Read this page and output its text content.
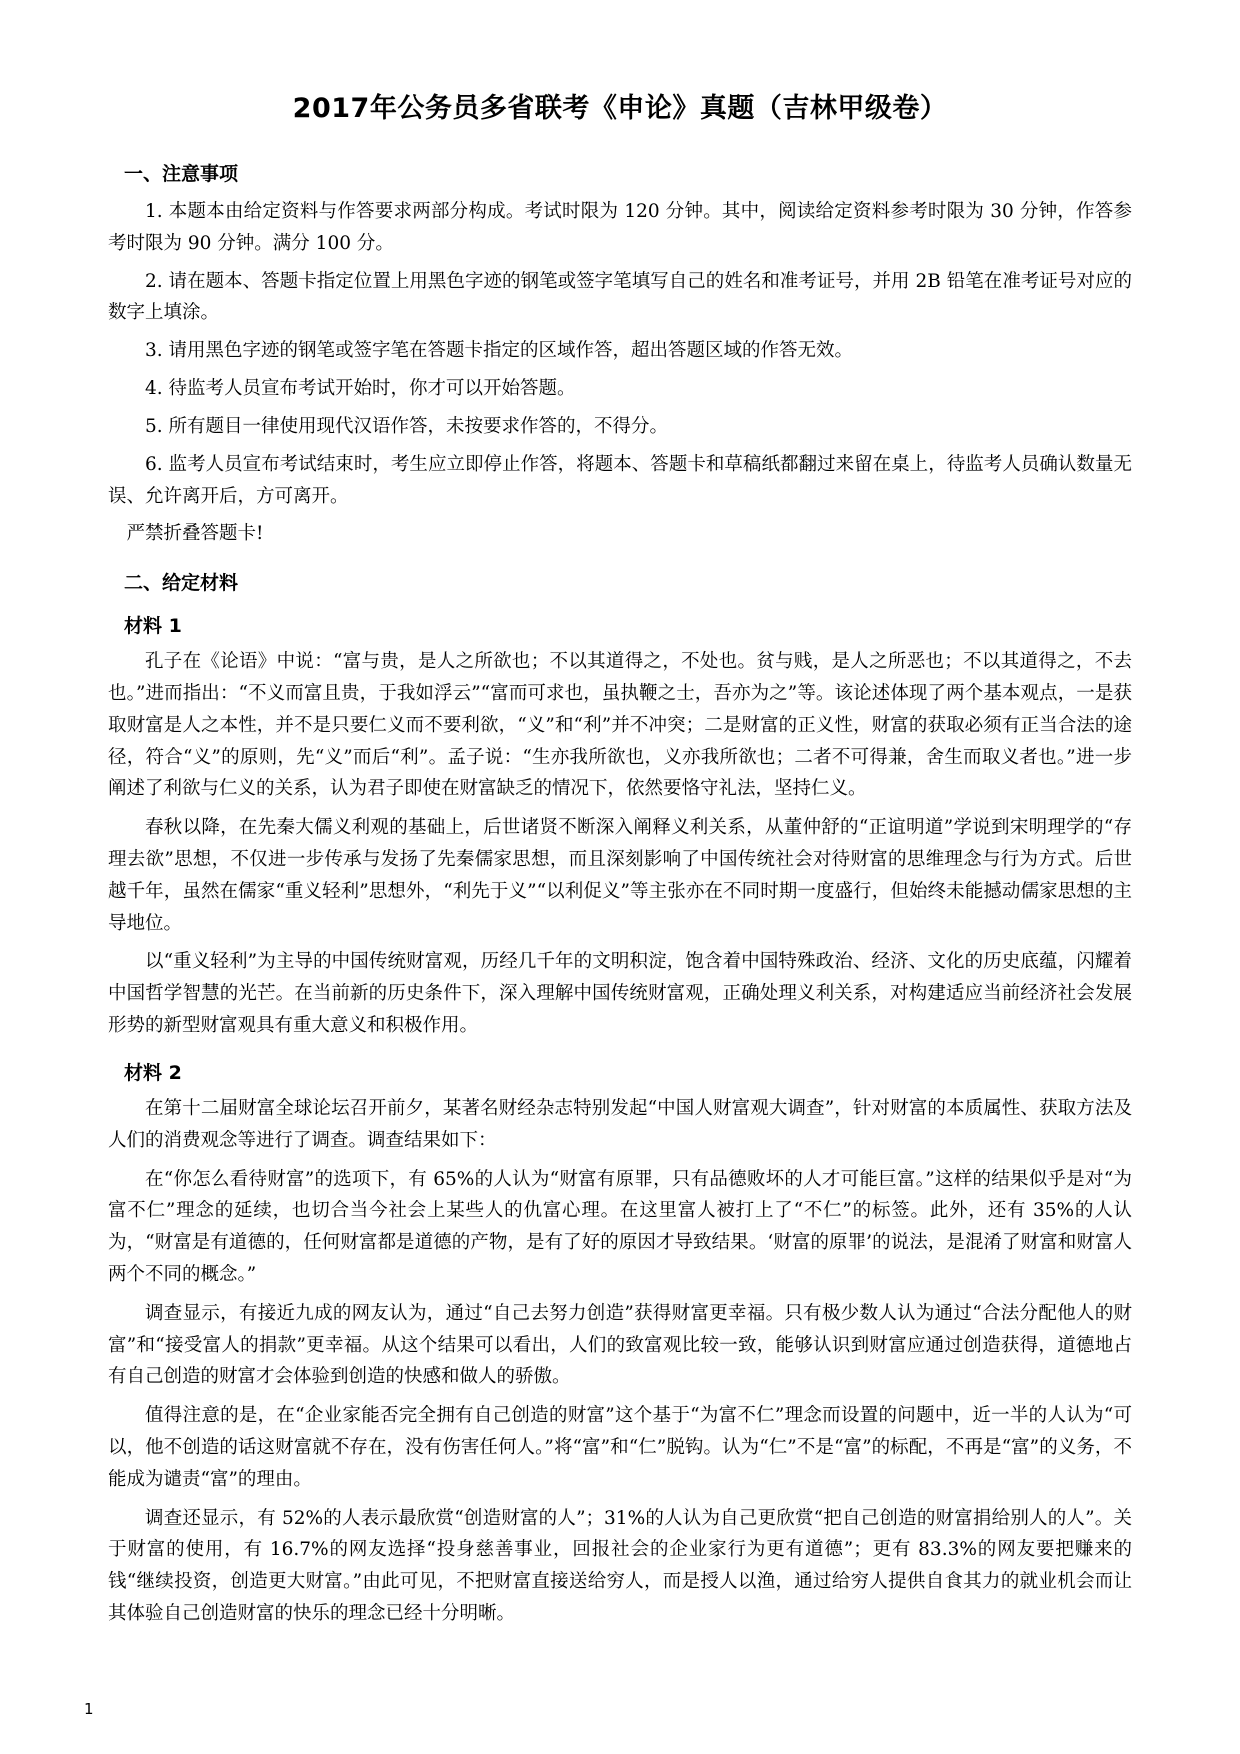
2017年公务员多省联考《申论》真题（吉林甲级卷）
一、注意事项

1. 本题本由给定资料与作答要求两部分构成。考试时限为 120 分钟。其中，阅读给定资料参考时限为 30 分钟，作答参考时限为 90 分钟。满分 100 分。

2. 请在题本、答题卡指定位置上用黑色字迹的钢笔或签字笔填写自己的姓名和准考证号，并用 2B 铅笔在准考证号对应的数字上填涂。

3. 请用黑色字迹的钢笔或签字笔在答题卡指定的区域作答，超出答题区域的作答无效。

4. 待监考人员宣布考试开始时，你才可以开始答题。

5. 所有题目一律使用现代汉语作答，未按要求作答的，不得分。

6. 监考人员宣布考试结束时，考生应立即停止作答，将题本、答题卡和草稿纸都翻过来留在桌上，待监考人员确认数量无误、允许离开后，方可离开。

严禁折叠答题卡!

二、给定材料
材料 1

孔子在《论语》中说：“富与贵，是人之所欲也；不以其道得之，不处也。贫与贱，是人之所恶也；不以其道得之，不去也。”进而指出：“不义而富且贵，于我如浮云”“富而可求也，虽执鞭之士，吾亦为之”等。该论述体现了两个基本观点，一是获取财富是人之本性，并不是只要仁义而不要利欲，“义”和“利”并不冲突；二是财富的正义性，财富的获取必须有正当合法的途径，符合“义”的原则，先“义”而后“利”。孟子说：“生亦我所欲也，义亦我所欲也；二者不可得兼，舍生而取义者也。”进一步阐述了利欲与仁义的关系，认为君子即使在财富缺乏的情况下，依然要恪守礼法，坚持仁义。

春秋以降，在先秦大儒义利观的基础上，后世诸贤不断深入阐释义利关系，从董仲舒的“正谊明道”学说到宋明理学的“存理去欲”思想，不仅进一步传承与发扬了先秦儒家思想，而且深刻影响了中国传统社会对待财富的思维理念与行为方式。后世越千年，虽然在儒家“重义轻利”思想外，“利先于义”“以利促义”等主张亦在不同时期一度盛行，但始终未能撼动儒家思想的主导地位。

以“重义轻利”为主导的中国传统财富观，历经几千年的文明积淀，饱含着中国特殊政治、经济、文化的历史底蕴，闪耀着中国哲学智慧的光芒。在当前新的历史条件下，深入理解中国传统财富观，正确处理义利关系，对构建适应当前经济社会发展形势的新型财富观具有重大意义和积极作用。

材料 2

在第十二届财富全球论坛召开前夕，某著名财经杂志特别发起“中国人财富观大调查”，针对财富的本质属性、获取方法及人们的消费观念等进行了调查。调查结果如下：

在“你怎么看待财富”的选项下，有 65%的人认为“财富有原罪，只有品德败坏的人才可能巨富。”这样的结果似乎是对“为富不仁”理念的延续，也切合当今社会上某些人的仇富心理。在这里富人被打上了“不仁”的标签。此外，还有 35%的人认为，“财富是有道德的，任何财富都是道德的产物，是有了好的原因才导致结果。‘财富的原罪’的说法，是混淆了财富和财富人两个不同的概念。”

调查显示，有接近九成的网友认为，通过“自己去努力创造”获得财富更幸福。只有极少数人认为通过“合法分配他人的财富”和“接受富人的捐款”更幸福。从这个结果可以看出，人们的致富观比较一致，能够认识到财富应通过创造获得，道德地占有自己创造的财富才会体验到创造的快感和做人的骄傲。

值得注意的是，在“企业家能否完全拥有自己创造的财富”这个基于“为富不仁”理念而设置的问题中，近一半的人认为“可以，他不创造的话这财富就不存在，没有伤害任何人。”将“富”和“仁”脱钩。认为“仁”不是“富”的标配，不再是“富”的义务，不能成为谴责“富”的理由。

调查还显示，有 52%的人表示最欣赏“创造财富的人”；31%的人认为自己更欣赏“把自己创造的财富捐给别人的人”。关于财富的使用，有 16.7%的网友选择“投身慈善事业，回报社会的企业家行为更有道德”；更有 83.3%的网友要把赚来的钱“继续投资，创造更大财富。”由此可见，不把财富直接送给穷人，而是授人以渔，通过给穷人提供自食其力的就业机会而让其体验自己创造财富的快乐的理念已经十分明晰。

1
